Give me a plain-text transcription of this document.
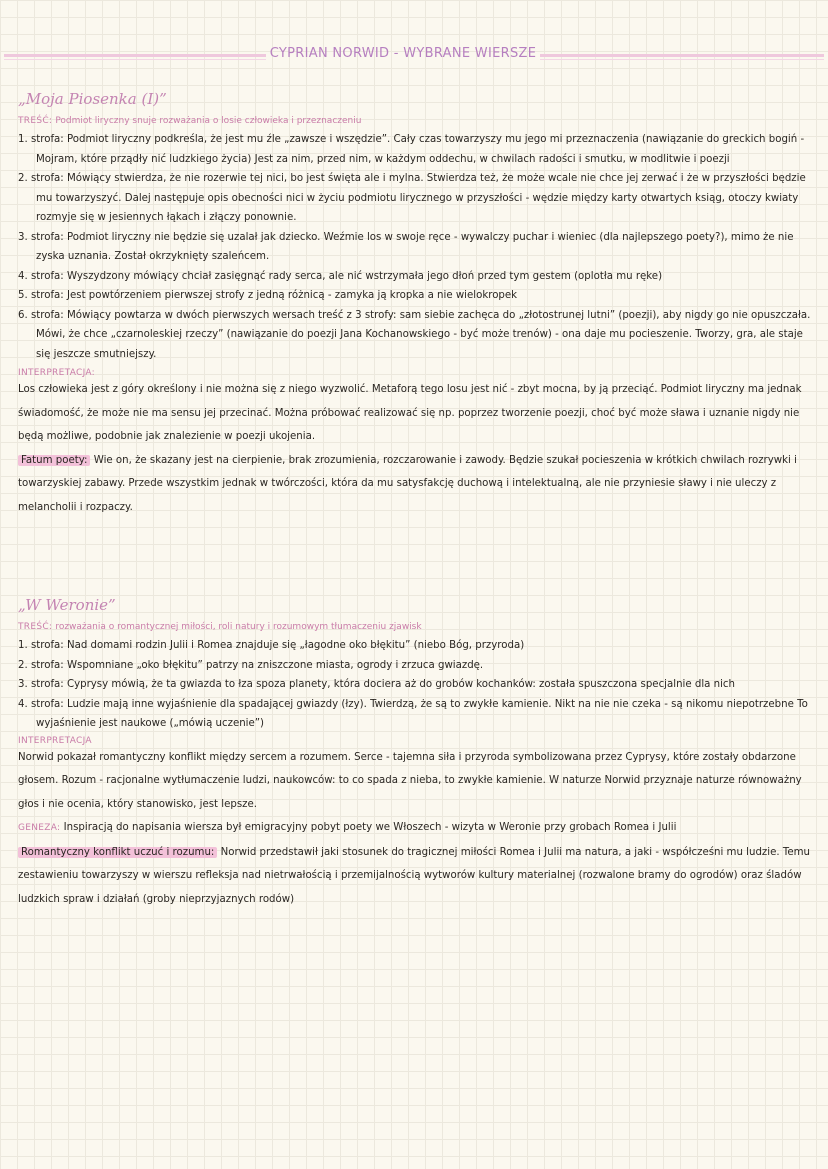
CYPRIAN NORWID - WYBRANE WIERSZE
„Moja Piosenka (I)”
TREŚĆ: Podmiot liryczny snuje rozważania o losie człowieka i przeznaczeniu

1. strofa: Podmiot liryczny podkreśla, że jest mu źle „zawsze i wszędzie”. Cały czas towarzyszy mu jego mi przeznaczenia (nawiązanie do greckich bogiń - Mojram, które prządły nić ludzkiego życia) Jest za nim, przed nim, w każdym oddechu, w chwilach radości i smutku, w modlitwie i poezji

2. strofa: Mówiący stwierdza, że nie rozerwie tej nici, bo jest święta ale i mylna. Stwierdza też, że może wcale nie chce jej zerwać i że w przyszłości będzie mu towarzyszyć. Dalej następuje opis obecności nici w życiu podmiotu lirycznego w przyszłości - wędzie między karty otwartych ksiąg, otoczy kwiaty rozmyje się w jesiennych łąkach i złączy ponownie.

3. strofa: Podmiot liryczny nie będzie się uzalał jak dziecko. Weźmie los w swoje ręce - wywalczy puchar i wieniec (dla najlepszego poety?), mimo że nie zyska uznania. Został okrzyknięty szaleńcem.

4. strofa: Wyszydzony mówiący chciał zasięgnąć rady serca, ale nić wstrzymała jego dłoń przed tym gestem (oplotła mu ręke)

5. strofa: Jest powtórzeniem pierwszej strofy z jedną różnicą - zamyka ją kropka a nie wielokropek

6. strofa: Mówiący powtarza w dwóch pierwszych wersach treść z 3 strofy: sam siebie zachęca do „złotostrunej lutni” (poezji), aby nigdy go nie opuszczała. Mówi, że chce „czarnoleskiej rzeczy” (nawiązanie do poezji Jana Kochanowskiego - być może trenów) - ona daje mu pocieszenie. Tworzy, gra, ale staje się jeszcze smutniejszy.

INTERPRETACJA:

Los człowieka jest z góry określony i nie można się z niego wyzwolić. Metaforą tego losu jest nić - zbyt mocna, by ją przeciąć. Podmiot liryczny ma jednak świadomość, że może nie ma sensu jej przecinać. Można próbować realizować się np. poprzez tworzenie poezji, choć być może sława i uznanie nigdy nie będą możliwe, podobnie jak znalezienie w poezji ukojenia.

Fatum poety: Wie on, że skazany jest na cierpienie, brak zrozumienia, rozczarowanie i zawody. Będzie szukał pocieszenia w krótkich chwilach rozrywki i towarzyskiej zabawy. Przede wszystkim jednak w twórczości, która da mu satysfakcję duchową i intelektualną, ale nie przyniesie sławy i nie uleczy z melancholii i rozpaczy.

„W Weronie”
TREŚĆ: rozważania o romantycznej miłości, roli natury i rozumowym tłumaczeniu zjawisk

1. strofa: Nad domami rodzin Julii i Romea znajduje się „łagodne oko błękitu” (niebo Bóg, przyroda)

2. strofa: Wspomniane „oko błękitu” patrzy na zniszczone miasta, ogrody i zrzuca gwiazdę.

3. strofa: Cyprysy mówią, że ta gwiazda to łza spoza planety, która dociera aż do grobów kochanków: została spuszczona specjalnie dla nich

4. strofa: Ludzie mają inne wyjaśnienie dla spadającej gwiazdy (łzy). Twierdzą, że są to zwykłe kamienie. Nikt na nie nie czeka - są nikomu niepotrzebne To wyjaśnienie jest naukowe („mówią uczenie”)

INTERPRETACJA

Norwid pokazał romantyczny konflikt między sercem a rozumem. Serce - tajemna siła i przyroda symbolizowana przez Cyprysy, które zostały obdarzone głosem. Rozum - racjonalne wytłumaczenie ludzi, naukowców: to co spada z nieba, to zwykłe kamienie. W naturze Norwid przyznaje naturze równoważny głos i nie ocenia, który stanowisko, jest lepsze.

GENEZA: Inspiracją do napisania wiersza był emigracyjny pobyt poety we Włoszech - wizyta w Weronie przy grobach Romea i Julii

Romantyczny konflikt uczuć i rozumu: Norwid przedstawił jaki stosunek do tragicznej miłości Romea i Julii ma natura, a jaki - współcześni mu ludzie. Temu zestawieniu towarzyszy w wierszu refleksja nad nietrwałością i przemijalnością wytworów kultury materialnej (rozwalone bramy do ogrodów) oraz śladów ludzkich spraw i działań (groby nieprzyjaznych rodów)
